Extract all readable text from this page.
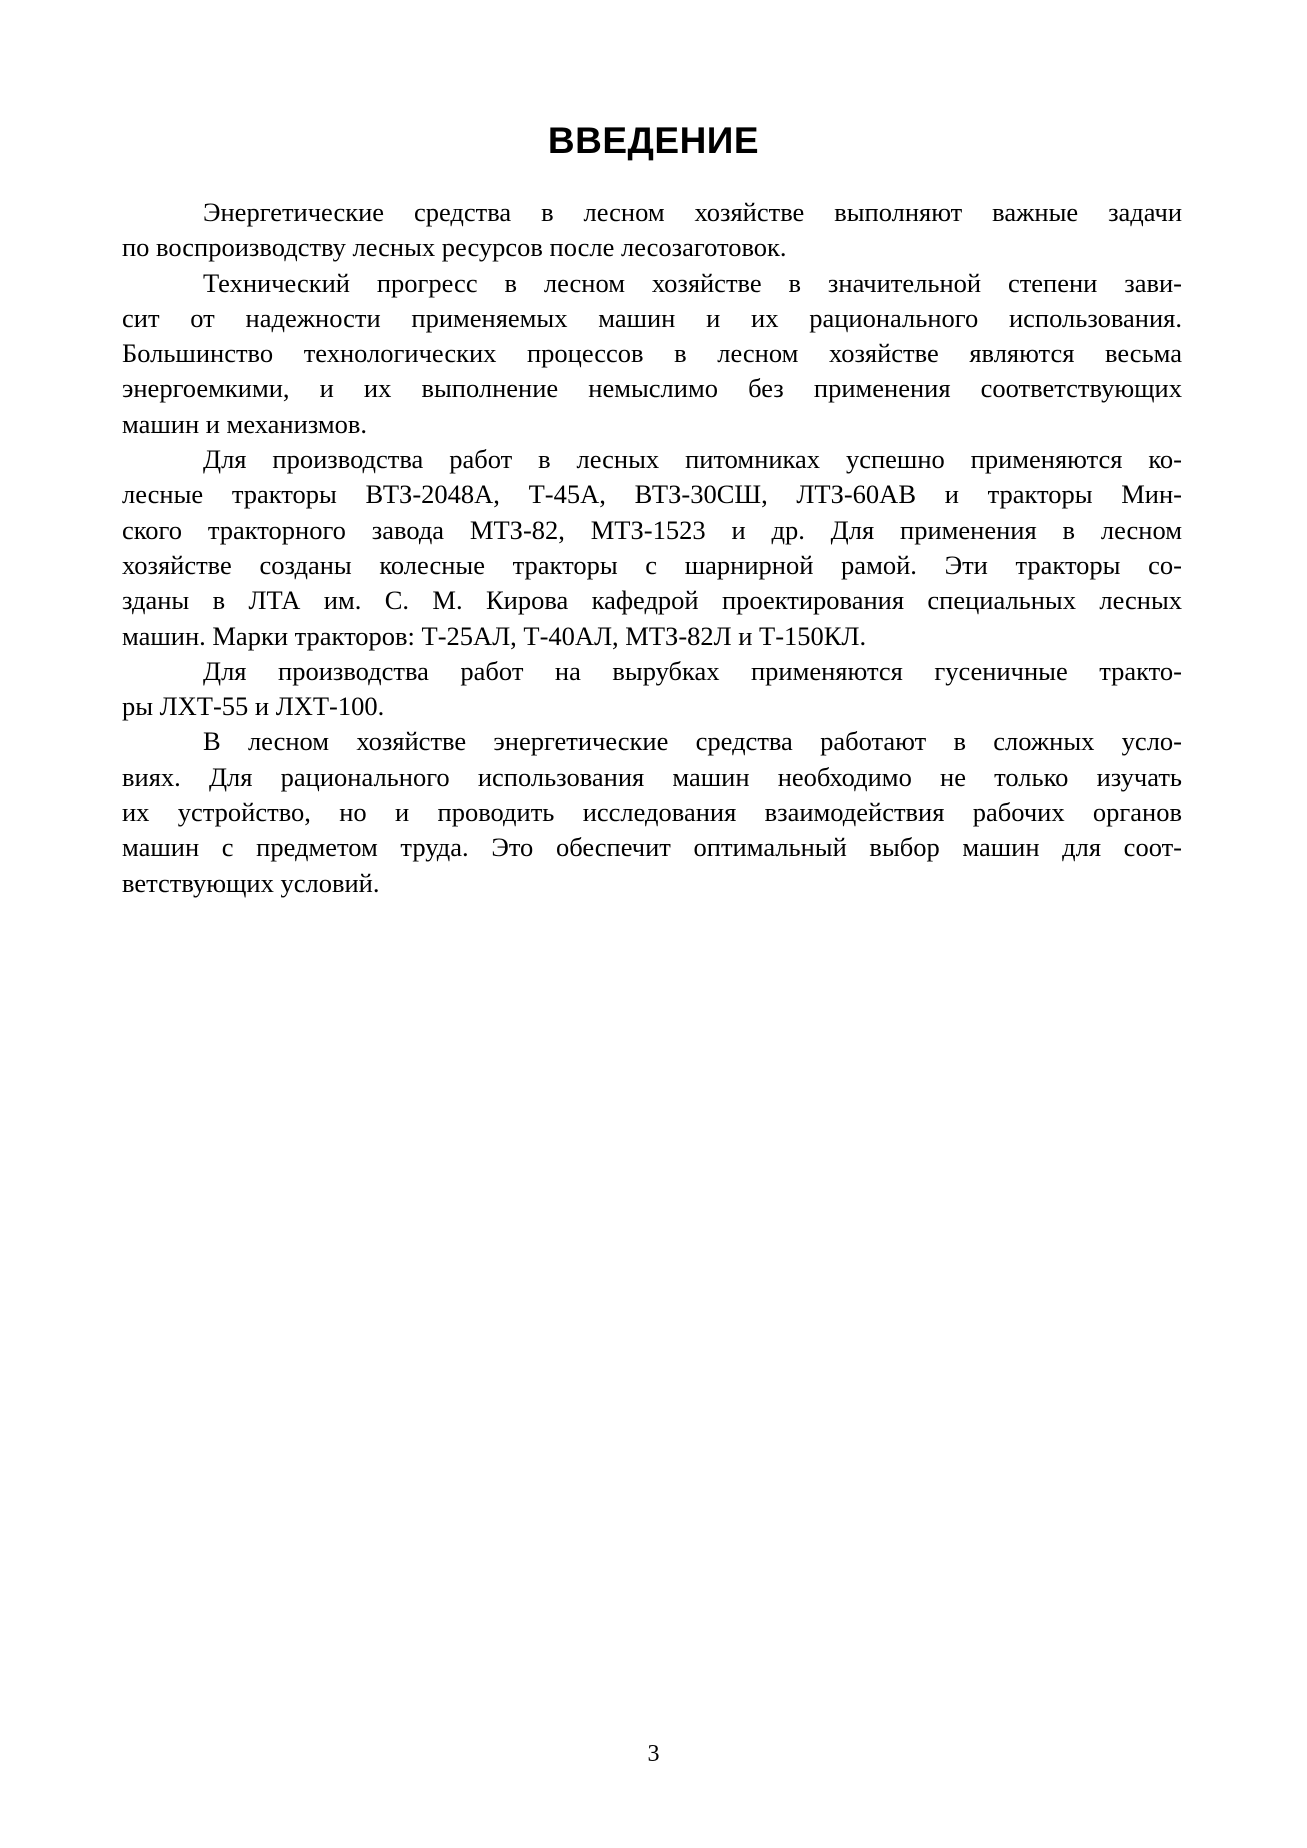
ВВЕДЕНИЕ

Энергетические средства в лесном хозяйстве выполняют важные задачи
по воспроизводству лесных ресурсов после лесозаготовок.

Технический прогресс в лесном хозяйстве в значительной степени зави-
сит от надежности применяемых машин и их рационального использования.
Большинство технологических процессов в лесном хозяйстве являются весьма
энергоемкими, и их выполнение немыслимо без применения соответствующих
машин и механизмов.

Для производства работ в лесных питомниках успешно применяются ко-
лесные тракторы ВТЗ-2048А, Т-45А, ВТЗ-30СШ, ЛТЗ-60АВ и тракторы Мин-
ского тракторного завода МТЗ-82, МТЗ-1523 и др. Для применения в лесном
хозяйстве созданы колесные тракторы с шарнирной рамой. Эти тракторы со-
зданы в ЛТА им. С. М. Кирова кафедрой проектирования специальных лесных
машин. Марки тракторов: Т-25АЛ, Т-40АЛ, МТЗ-82Л и Т-150КЛ.

Для производства работ на вырубках применяются гусеничные тракто-
ры ЛХТ-55 и ЛХТ-100.

В лесном хозяйстве энергетические средства работают в сложных усло-
виях. Для рационального использования машин необходимо не только изучать
их устройство, но и проводить исследования взаимодействия рабочих органов
машин с предметом труда. Это обеспечит оптимальный выбор машин для соот-
ветствующих условий.

3
